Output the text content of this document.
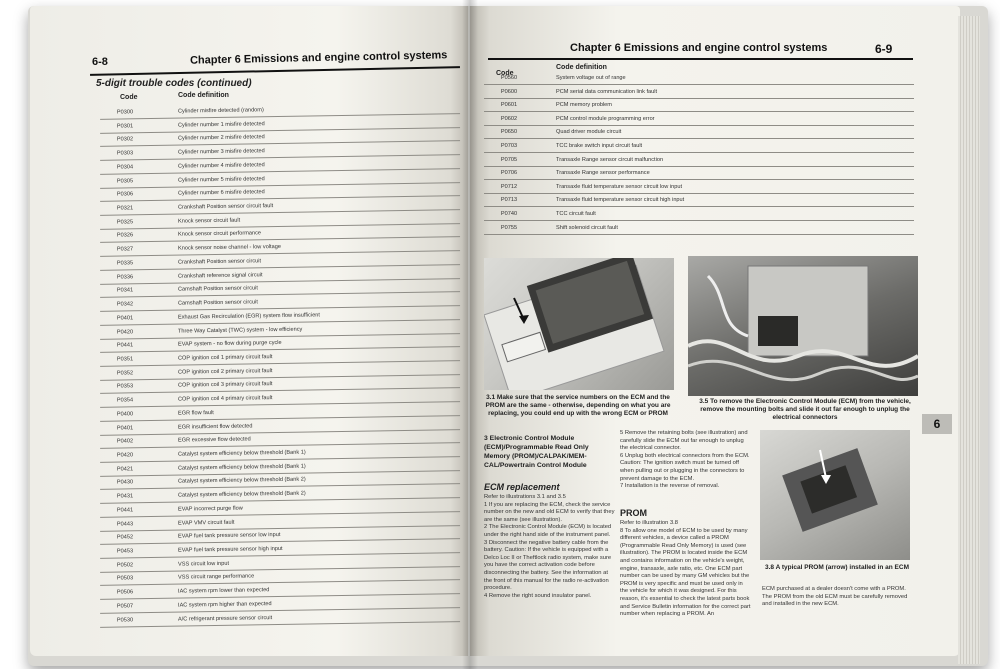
6-8	Chapter 6 Emissions and engine control systems
5-digit trouble codes (continued)
Code	Code definition
P0300	Cylinder misfire detected (random)
P0301	Cylinder number 1 misfire detected
P0302	Cylinder number 2 misfire detected
P0303	Cylinder number 3 misfire detected
P0304	Cylinder number 4 misfire detected
P0305	Cylinder number 5 misfire detected
P0306	Cylinder number 6 misfire detected
P0321	Crankshaft Position sensor circuit fault
P0325	Knock sensor circuit fault
P0326	Knock sensor circuit performance
P0327	Knock sensor noise channel - low voltage
P0335	Crankshaft Position sensor circuit
P0336	Crankshaft reference signal circuit
P0341	Camshaft Position sensor circuit
P0342	Camshaft Position sensor circuit
P0401	Exhaust Gas Recirculation (EGR) system flow insufficient
P0420	Three Way Catalyst (TWC) system - low efficiency
P0441	EVAP system - no flow during purge cycle
P0351	COP ignition coil 1 primary circuit fault
P0352	COP ignition coil 2 primary circuit fault
P0353	COP ignition coil 3 primary circuit fault
P0354	COP ignition coil 4 primary circuit fault
P0400	EGR flow fault
P0401	EGR insufficient flow detected
P0402	EGR excessive flow detected
P0420	Catalyst system efficiency below threshold (Bank 1)
P0421	Catalyst system efficiency below threshold (Bank 1)
P0430	Catalyst system efficiency below threshold (Bank 2)
P0431	Catalyst system efficiency below threshold (Bank 2)
P0441	EVAP incorrect purge flow
P0443	EVAP VMV circuit fault
P0452	EVAP fuel tank pressure sensor low input
P0453	EVAP fuel tank pressure sensor high input
P0502	VSS circuit low input
P0503	VSS circuit range performance
P0506	IAC system rpm lower than expected
P0507	IAC system rpm higher than expected
P0530	A/C refrigerant pressure sensor circuit
Chapter 6 Emissions and engine control systems	6-9
Code
Code definition
P0560	System voltage out of range
P0600	PCM serial data communication link fault
P0601	PCM memory problem
P0602	PCM control module programming error
P0650	Quad driver module circuit
P0703	TCC brake switch input circuit fault
P0705	Transaxle Range sensor circuit malfunction
P0706	Transaxle Range sensor performance
P0712	Transaxle fluid temperature sensor circuit low input
P0713	Transaxle fluid temperature sensor circuit high input
P0740	TCC circuit fault
P0755	Shift solenoid circuit fault
3.1 Make sure that the service numbers on the ECM and the PROM are the same - otherwise, depending on what you are replacing, you could end up with the wrong ECM or PROM
3.5 To remove the Electronic Control Module (ECM) from the vehicle, remove the mounting bolts and slide it out far enough to unplug the electrical connectors
3 Electronic Control Module (ECM)/Programmable Read Only Memory (PROM)/CALPAK/MEM-CAL/Powertrain Control Module
ECM replacement
Refer to illustrations 3.1 and 3.5
1 If you are replacing the ECM, check the service number on the new and old ECM to verify that they are the same (see illustration).
2 The Electronic Control Module (ECM) is located under the right hand side of the instrument panel.
3 Disconnect the negative battery cable from the battery. Caution: If the vehicle is equipped with a Delco Loc II or Theftlock radio system, make sure you have the correct activation code before disconnecting the battery. See the information at the front of this manual for the radio re-activation procedure.
4 Remove the right sound insulator panel.
5 Remove the retaining bolts (see illustration) and carefully slide the ECM out far enough to unplug the electrical connector.
6 Unplug both electrical connectors from the ECM. Caution: The ignition switch must be turned off when pulling out or plugging in the connectors to prevent damage to the ECM.
7 Installation is the reverse of removal.
PROM
Refer to illustration 3.8
8 To allow one model of ECM to be used by many different vehicles, a device called a PROM (Programmable Read Only Memory) is used (see illustration). The PROM is located inside the ECM and contains information on the vehicle's weight, engine, transaxle, axle ratio, etc. One ECM part number can be used by many GM vehicles but the PROM is very specific and must be used only in the vehicle for which it was designed. For this reason, it's essential to check the latest parts book and Service Bulletin information for the correct part number when replacing a PROM. An
3.8 A typical PROM (arrow) installed in an ECM
ECM purchased at a dealer doesn't come with a PROM. The PROM from the old ECM must be carefully removed and installed in the new ECM.
6
